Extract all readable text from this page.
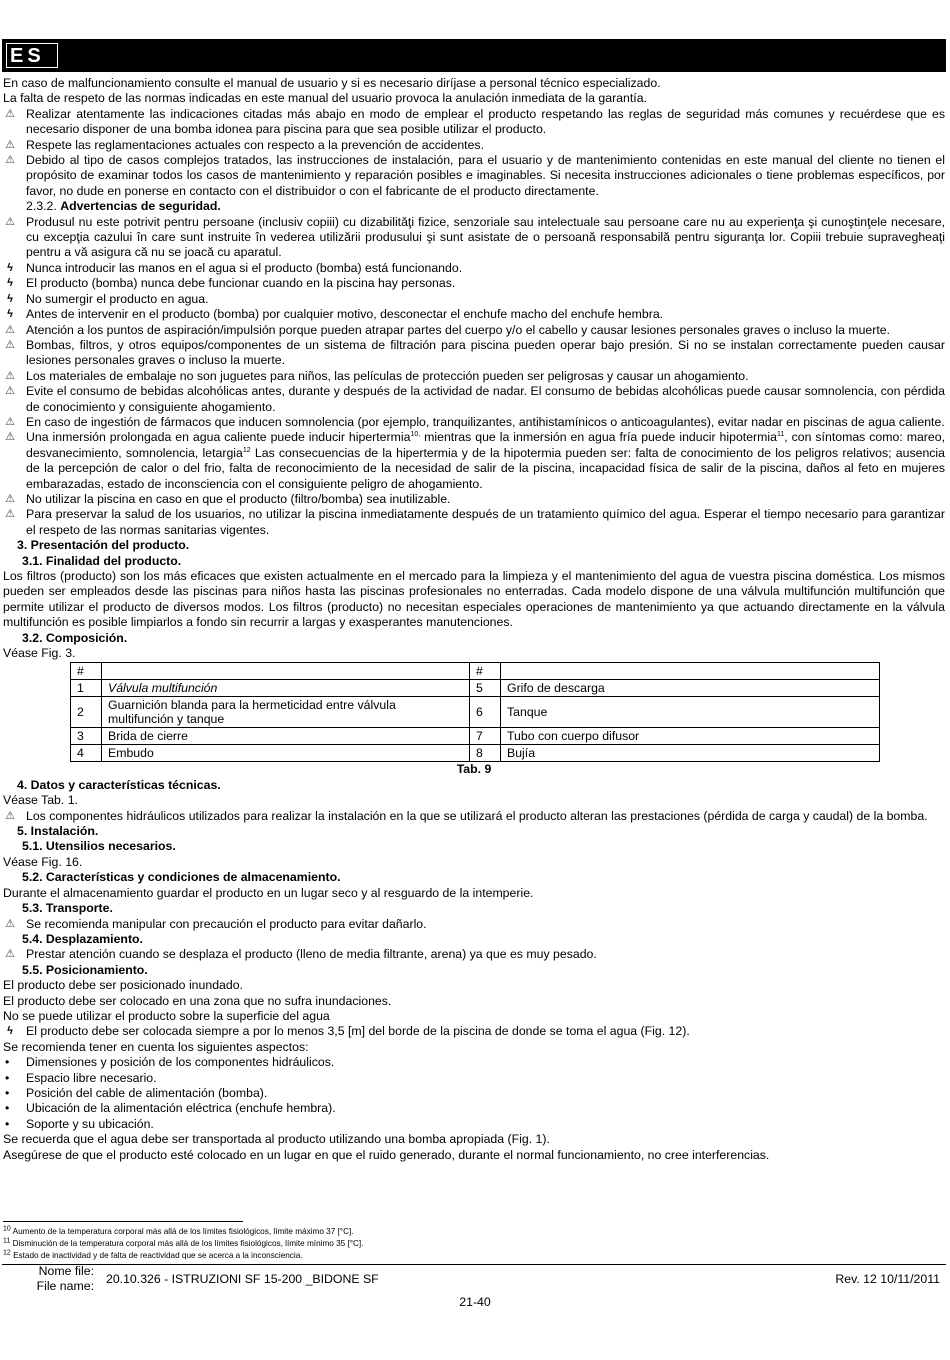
ES

En caso de malfuncionamiento consulte el manual de usuario y si es necesario diríjase a personal técnico especializado.

La falta de respeto de las normas indicadas en este manual del usuario provoca la anulación inmediata de la garantía.

⚠ Realizar atentamente las indicaciones citadas más abajo en modo de emplear el producto respetando las reglas de seguridad más comunes y recuérdese que es necesario disponer de una bomba idonea para piscina para que sea posible utilizar el producto.
⚠ Respete las reglamentaciones actuales con respecto a la prevención de accidentes.
⚠ Debido al tipo de casos complejos tratados, las instrucciones de instalación, para el usuario y de mantenimiento contenidas en este manual del cliente no tienen el propósito de examinar todos los casos de mantenimiento y reparación posibles e imaginables. Si necesita instrucciones adicionales o tiene problemas específicos, por favor, no dude en ponerse en contacto con el distribuidor o con el fabricante de el producto directamente.
2.3.2. Advertencias de seguridad.
⚠ Produsul nu este potrivit pentru persoane (inclusiv copiii) cu dizabilităţi fizice, senzoriale sau intelectuale sau persoane care nu au experienţa şi cunoştinţele necesare, cu excepţia cazului în care sunt instruite în vederea utilizării produsului şi sunt asistate de o persoană responsabilă pentru siguranţa lor. Copiii trebuie supravegheaţi pentru a vă asigura că nu se joacă cu aparatul.
ϟ	Nunca introducir las manos en el agua si el producto (bomba) está funcionando.
ϟ	El producto (bomba) nunca debe funcionar cuando en la piscina hay personas.
ϟ	No sumergir el producto en agua.
ϟ	Antes de intervenir en el producto (bomba) por cualquier motivo, desconectar el enchufe macho del enchufe hembra.
⚠ Atención a los puntos de aspiración/impulsión porque pueden atrapar partes del cuerpo y/o el cabello y causar lesiones personales graves o incluso la muerte.
⚠ Bombas, filtros, y otros equipos/componentes de un sistema de filtración para piscina pueden operar bajo presión. Si no se instalan correctamente pueden causar lesiones personales graves o incluso la muerte.
⚠ Los materiales de embalaje no son juguetes para niños, las películas de protección pueden ser peligrosas y causar un ahogamiento.
⚠ Evite el consumo de bebidas alcohólicas antes, durante y después de la actividad de nadar. El consumo de bebidas alcohólicas puede causar somnolencia, con pérdida de conocimiento y consiguiente ahogamiento.
⚠ En caso de ingestión de fármacos que inducen somnolencia (por ejemplo, tranquilizantes, antihistamínicos o anticoagulantes), evitar nadar en piscinas de agua caliente.
⚠ Una inmersión prolongada en agua caliente puede inducir hipertermia$^{10,}$ mientras que la inmersión en agua fría puede inducir hipotermia$^{11}$, con síntomas como: mareo, desvanecimiento, somnolencia, letargia$^{12}$ Las consecuencias de la hipertermia y de la hipotermia pueden ser: falta de conocimiento de los peligros relativos; ausencia de la percepción de calor o del frio, falta de reconocimiento de la necesidad de salir de la piscina, incapacidad física de salir de la piscina, daños al feto en mujeres embarazadas, estado de inconsciencia con el consiguiente peligro de ahogamiento.
⚠ No utilizar la piscina en caso en que el producto (filtro/bomba) sea inutilizable.
⚠ Para preservar la salud de los usuarios, no utilizar la piscina inmediatamente después de un tratamiento químico del agua. Esperar el tiempo necesario para garantizar el respeto de las normas sanitarias vigentes.
3. Presentación del producto.
3.1. Finalidad del producto.

Los filtros (producto) son los más eficaces que existen actualmente en el mercado para la limpieza y el mantenimiento del agua de vuestra piscina doméstica. Los mismos pueden ser empleados desde las piscinas para niños hasta las piscinas profesionales no enterradas. Cada modelo dispone de una válvula multifunción multifunción que permite utilizar el producto de diversos modos. Los filtros (producto) no necesitan especiales operaciones de mantenimiento ya que actuando directamente en la válvula multifunción es posible limpiarlos a fondo sin recurrir a largas y exasperantes manutenciones.

3.2. Composición.

Véase Fig. 3.

#		#	
1	Válvula multifunción	5	Grifo de descarga
2	Guarnición blanda para la hermeticidad entre válvula multifunción y tanque	6	Tanque
3	Brida de cierre	7	Tubo con cuerpo difusor
4	Embudo	8	Bujía
Tab. 9
4. Datos y características técnicas.

Véase Tab. 1.

⚠ Los componentes hidráulicos utilizados para realizar la instalación en la que se utilizará el producto alteran las prestaciones (pérdida de carga y caudal) de la bomba.
5. Instalación.
5.1. Utensilios necesarios.

Véase Fig. 16.

5.2. Características y condiciones de almacenamiento.

Durante el almacenamiento guardar el producto en un lugar seco y al resguardo de la intemperie.

5.3. Transporte.
⚠ Se recomienda manipular con precaución el producto para evitar dañarlo.
5.4. Desplazamiento.
⚠ Prestar atención cuando se desplaza el producto (lleno de media filtrante, arena) ya que es muy pesado.
5.5. Posicionamiento.

El producto debe ser posicionado inundado.

El producto debe ser colocado en una zona que no sufra inundaciones.

No se puede utilizar el producto sobre la superficie del agua

ϟ	El producto debe ser colocada siempre a por lo menos 3,5 [m] del borde de la piscina de donde se toma el agua (Fig. 12).

Se recomienda tener en cuenta los siguientes aspectos:

• Dimensiones y posición de los componentes hidráulicos.
• Espacio libre necesario.
• Posición del cable de alimentación (bomba).
• Ubicación de la alimentación eléctrica (enchufe hembra).
• Soporte y su ubicación.

Se recuerda que el agua debe ser transportada al producto utilizando una bomba apropiada (Fig. 1).

Asegúrese de que el producto esté colocado en un lugar en que el ruido generado, durante el normal funcionamiento, no cree interferencias.

$^{10}$ Aumento de la temperatura corporal más allá de los límites fisiológicos, límite máximo 37 [°C].
$^{11}$ Disminución de la temperatura corporal más allá de los límites fisiológicos, límite mínimo 35 [°C].
$^{12}$ Estado de inactividad y de falta de reactividad que se acerca a la inconsciencia.
Nome file:
File name: 20.10.326 - ISTRUZIONI SF 15-200 _BIDONE SF	Rev. 12 10/11/2011
21-40
